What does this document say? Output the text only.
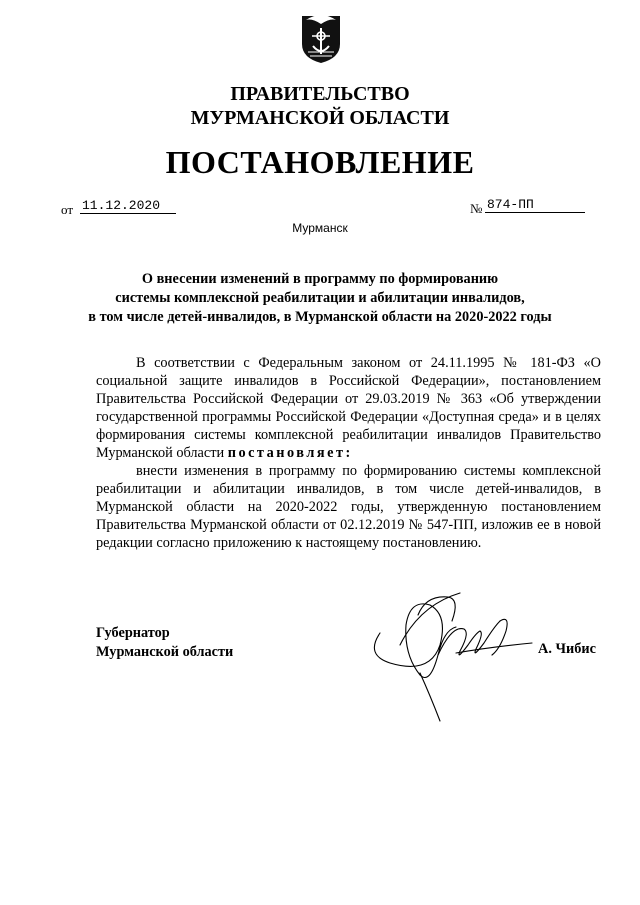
ПРАВИТЕЛЬСТВО
МУРМАНСКОЙ ОБЛАСТИ
ПОСТАНОВЛЕНИЕ
от 11.12.2020	№ 874-ПП
Мурманск
О внесении изменений в программу по формированию
системы комплексной реабилитации и абилитации инвалидов,
в том числе детей-инвалидов, в Мурманской области на 2020-2022 годы

В соответствии с Федеральным законом от 24.11.1995 № 181-ФЗ «О социальной защите инвалидов в Российской Федерации», постановлением Правительства Российской Федерации от 29.03.2019 № 363 «Об утверждении государственной программы Российской Федерации «Доступная среда» и в целях формирования системы комплексной реабилитации инвалидов Правительство Мурманской области постановляет:

внести изменения в программу по формированию системы комплексной реабилитации и абилитации инвалидов, в том числе детей-инвалидов, в Мурманской области на 2020-2022 годы, утвержденную постановлением Правительства Мурманской области от 02.12.2019 № 547-ПП, изложив ее в новой редакции согласно приложению к настоящему постановлению.

Губернатор
Мурманской области	А. Чибис
